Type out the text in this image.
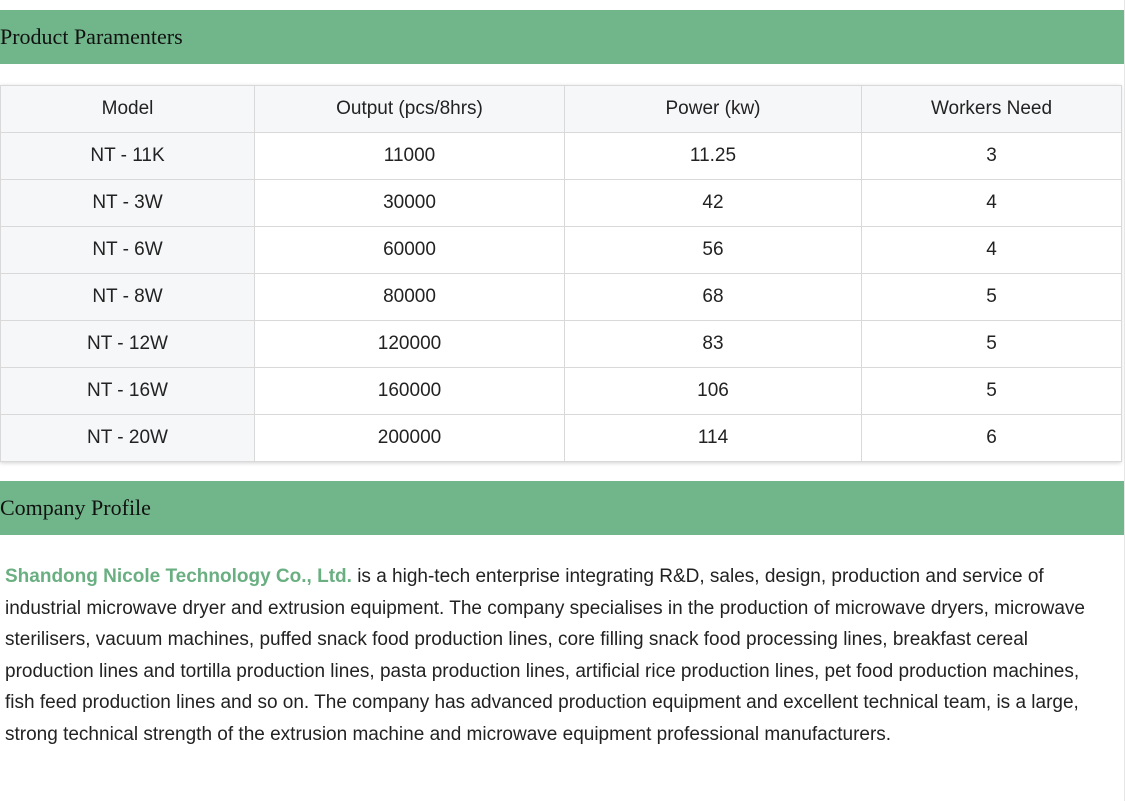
Product Paramenters
Model	Output (pcs/8hrs)	Power (kw)	Workers Need
NT - 11K	11000	11.25	3
NT - 3W	30000	42	4
NT - 6W	60000	56	4
NT - 8W	80000	68	5
NT - 12W	120000	83	5
NT - 16W	160000	106	5
NT - 20W	200000	114	6
Company Profile

Shandong Nicole Technology Co., Ltd. is a high-tech enterprise integrating R&D, sales, design, production and service of industrial microwave dryer and extrusion equipment. The company specialises in the production of microwave dryers, microwave sterilisers, vacuum machines, puffed snack food production lines, core filling snack food processing lines, breakfast cereal production lines and tortilla production lines, pasta production lines, artificial rice production lines, pet food production machines, fish feed production lines and so on. The company has advanced production equipment and excellent technical team, is a large, strong technical strength of the extrusion machine and microwave equipment professional manufacturers.
